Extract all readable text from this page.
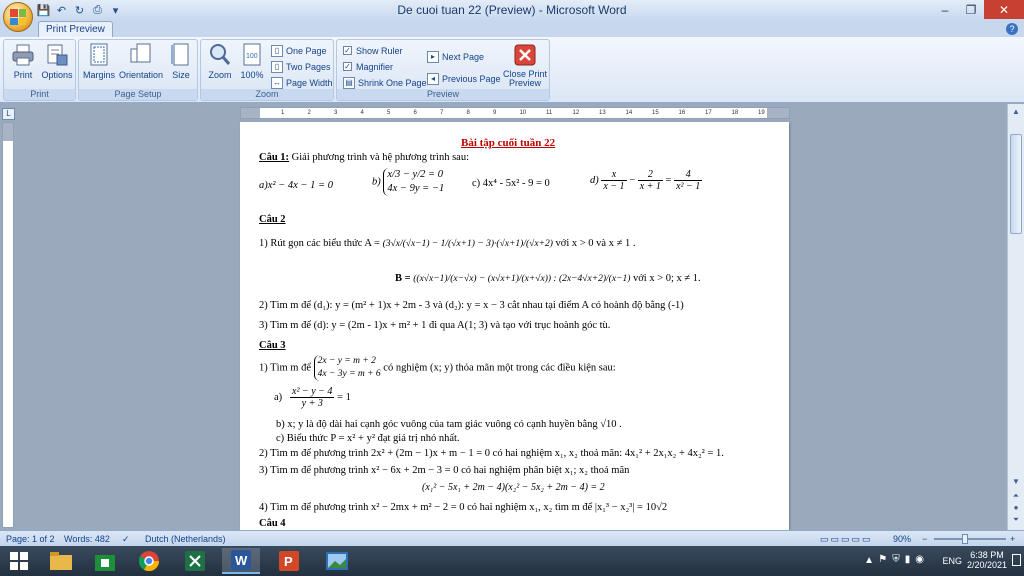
De cuoi tuan 22 (Preview) - Microsoft Word
💾 ↶ ↻ ⎙ ▾	–	❐	✕
Print Preview	?
Print	Options
Print
Margins Orientation	Size
Page Setup
Zoom
100
100%
▯ One Page
▯ Two Pages
↔ Page Width
Zoom
✓ Show Ruler
✓ Magnifier
▤ Shrink One Page
▸ Next Page
◂ Previous Page Close Print Preview
Preview
L	1	2	3	4	5	6	7	8	9	10	11	12	13	14	15	16	17	18	19
Bài tập cuối tuần 22
Câu 1: Giải phương trình và hệ phương trình sau:
a)x² − 4x − 1 = 0	b) x/3 − y/2 = 0
4x − 9y = −1	c) 4x⁴ - 5x² - 9 = 0	$d) \frac{x}{x - 1} - \frac{2}{x + 1} = \frac{4}{\text{x² − 1}}$
Câu 2
1) Rút gọn các biểu thức A = (3√x/(√x−1) − 1/(√x+1) − 3)·(√x+1)/(√x+2) với x > 0 và x ≠ 1 .
B = ((x√x−1)/(x−√x) − (x√x+1)/(x+√x)) : (2x−4√x+2)/(x−1) với x > 0; x ≠ 1.
2) Tìm m để (d₁): y = (m² + 1)x + 2m - 3 và (d₂): y = x − 3 cắt nhau tại điểm A có hoành độ bằng (-1)
3) Tìm m để (d): y = (2m - 1)x + m² + 1 đi qua A(1; 3) và tạo với trục hoành góc tù.
Câu 3
1) Tìm m để 2x − y = m + 2
4x − 3y = m + 6 có nghiệm (x; y) thỏa mãn một trong các điều kiện sau:
$a) \frac{\text{x² − y − 4}}{y + 3} = 1$
b) x; y là độ dài hai cạnh góc vuông của tam giác vuông có cạnh huyền bằng √10 .
c) Biểu thức P = x² + y² đạt giá trị nhỏ nhất.
2) Tìm m để phương trình 2x² + (2m − 1)x + m − 1 = 0 có hai nghiệm x₁, x₂ thoả mãn: 4x₁² + 2x₁x₂ + 4x₂² = 1.
3) Tìm m để phương trình x² − 6x + 2m − 3 = 0 có hai nghiệm phân biệt x₁; x₂ thoả mãn
(x₁² − 5x₁ + 2m − 4)(x₂² − 5x₂ + 2m − 4) = 2
4) Tìm m để phương trình x² − 2mx + m² − 2 = 0 có hai nghiệm x₁, x₂ tìm m để |x₁³ − x₂³| = 10√2
Câu 4
▲
▼
⏶
●
⏷
Page: 1 of 2 Words: 482 ✓ Dutch (Netherlands)	▭▭▭▭▭ 90% −	+
W	P	▲ ⚑⛨▮◉ ENG
6:38 PM
2/20/2021
